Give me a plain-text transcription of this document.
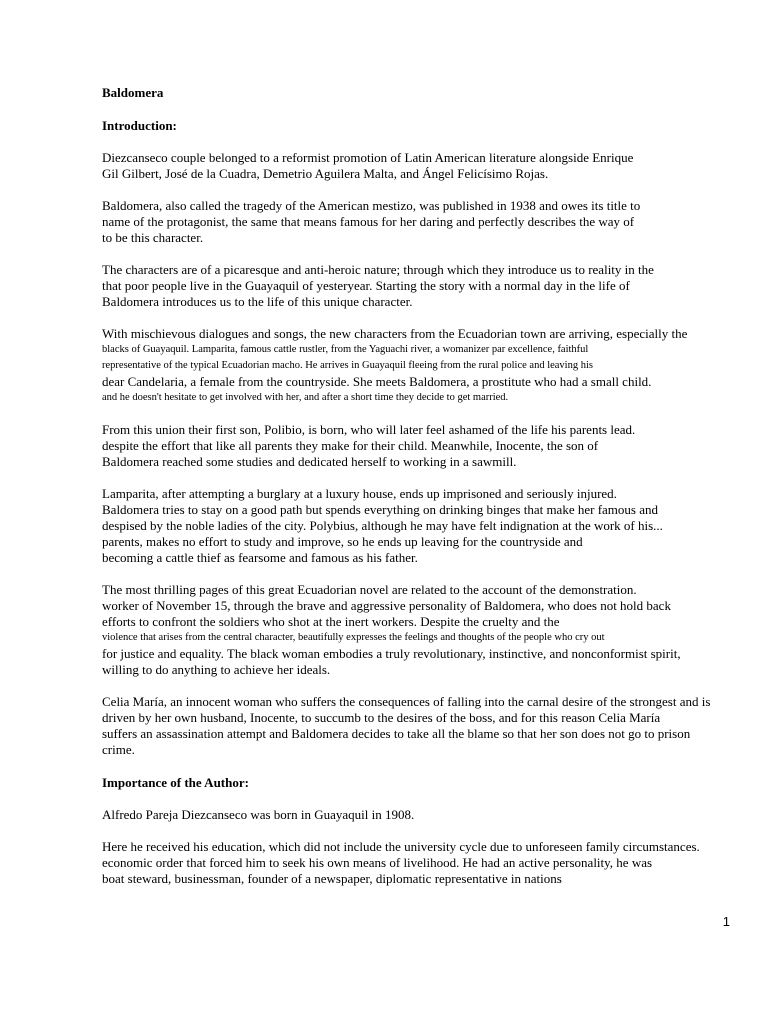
Baldomera
Introduction:
Diezcanseco couple belonged to a reformist promotion of Latin American literature alongside Enrique
Gil Gilbert, José de la Cuadra, Demetrio Aguilera Malta, and Ángel Felicísimo Rojas.
Baldomera, also called the tragedy of the American mestizo, was published in 1938 and owes its title to
name of the protagonist, the same that means famous for her daring and perfectly describes the way of
to be this character.
The characters are of a picaresque and anti-heroic nature; through which they introduce us to reality in the
that poor people live in the Guayaquil of yesteryear. Starting the story with a normal day in the life of
Baldomera introduces us to the life of this unique character.
With mischievous dialogues and songs, the new characters from the Ecuadorian town are arriving, especially the
blacks of Guayaquil. Lamparita, famous cattle rustler, from the Yaguachi river, a womanizer par excellence, faithful
representative of the typical Ecuadorian macho. He arrives in Guayaquil fleeing from the rural police and leaving his
dear Candelaria, a female from the countryside. She meets Baldomera, a prostitute who had a small child.
and he doesn't hesitate to get involved with her, and after a short time they decide to get married.
From this union their first son, Polibio, is born, who will later feel ashamed of the life his parents lead.
despite the effort that like all parents they make for their child. Meanwhile, Inocente, the son of
Baldomera reached some studies and dedicated herself to working in a sawmill.
Lamparita, after attempting a burglary at a luxury house, ends up imprisoned and seriously injured.
Baldomera tries to stay on a good path but spends everything on drinking binges that make her famous and
despised by the noble ladies of the city. Polybius, although he may have felt indignation at the work of his...
parents, makes no effort to study and improve, so he ends up leaving for the countryside and
becoming a cattle thief as fearsome and famous as his father.
The most thrilling pages of this great Ecuadorian novel are related to the account of the demonstration.
worker of November 15, through the brave and aggressive personality of Baldomera, who does not hold back
efforts to confront the soldiers who shot at the inert workers. Despite the cruelty and the
violence that arises from the central character, beautifully expresses the feelings and thoughts of the people who cry out
for justice and equality. The black woman embodies a truly revolutionary, instinctive, and nonconformist spirit,
willing to do anything to achieve her ideals.
Celia María, an innocent woman who suffers the consequences of falling into the carnal desire of the strongest and is
driven by her own husband, Inocente, to succumb to the desires of the boss, and for this reason Celia María
suffers an assassination attempt and Baldomera decides to take all the blame so that her son does not go to prison
crime.
Importance of the Author:
Alfredo Pareja Diezcanseco was born in Guayaquil in 1908.
Here he received his education, which did not include the university cycle due to unforeseen family circumstances.
economic order that forced him to seek his own means of livelihood. He had an active personality, he was
boat steward, businessman, founder of a newspaper, diplomatic representative in nations
1
